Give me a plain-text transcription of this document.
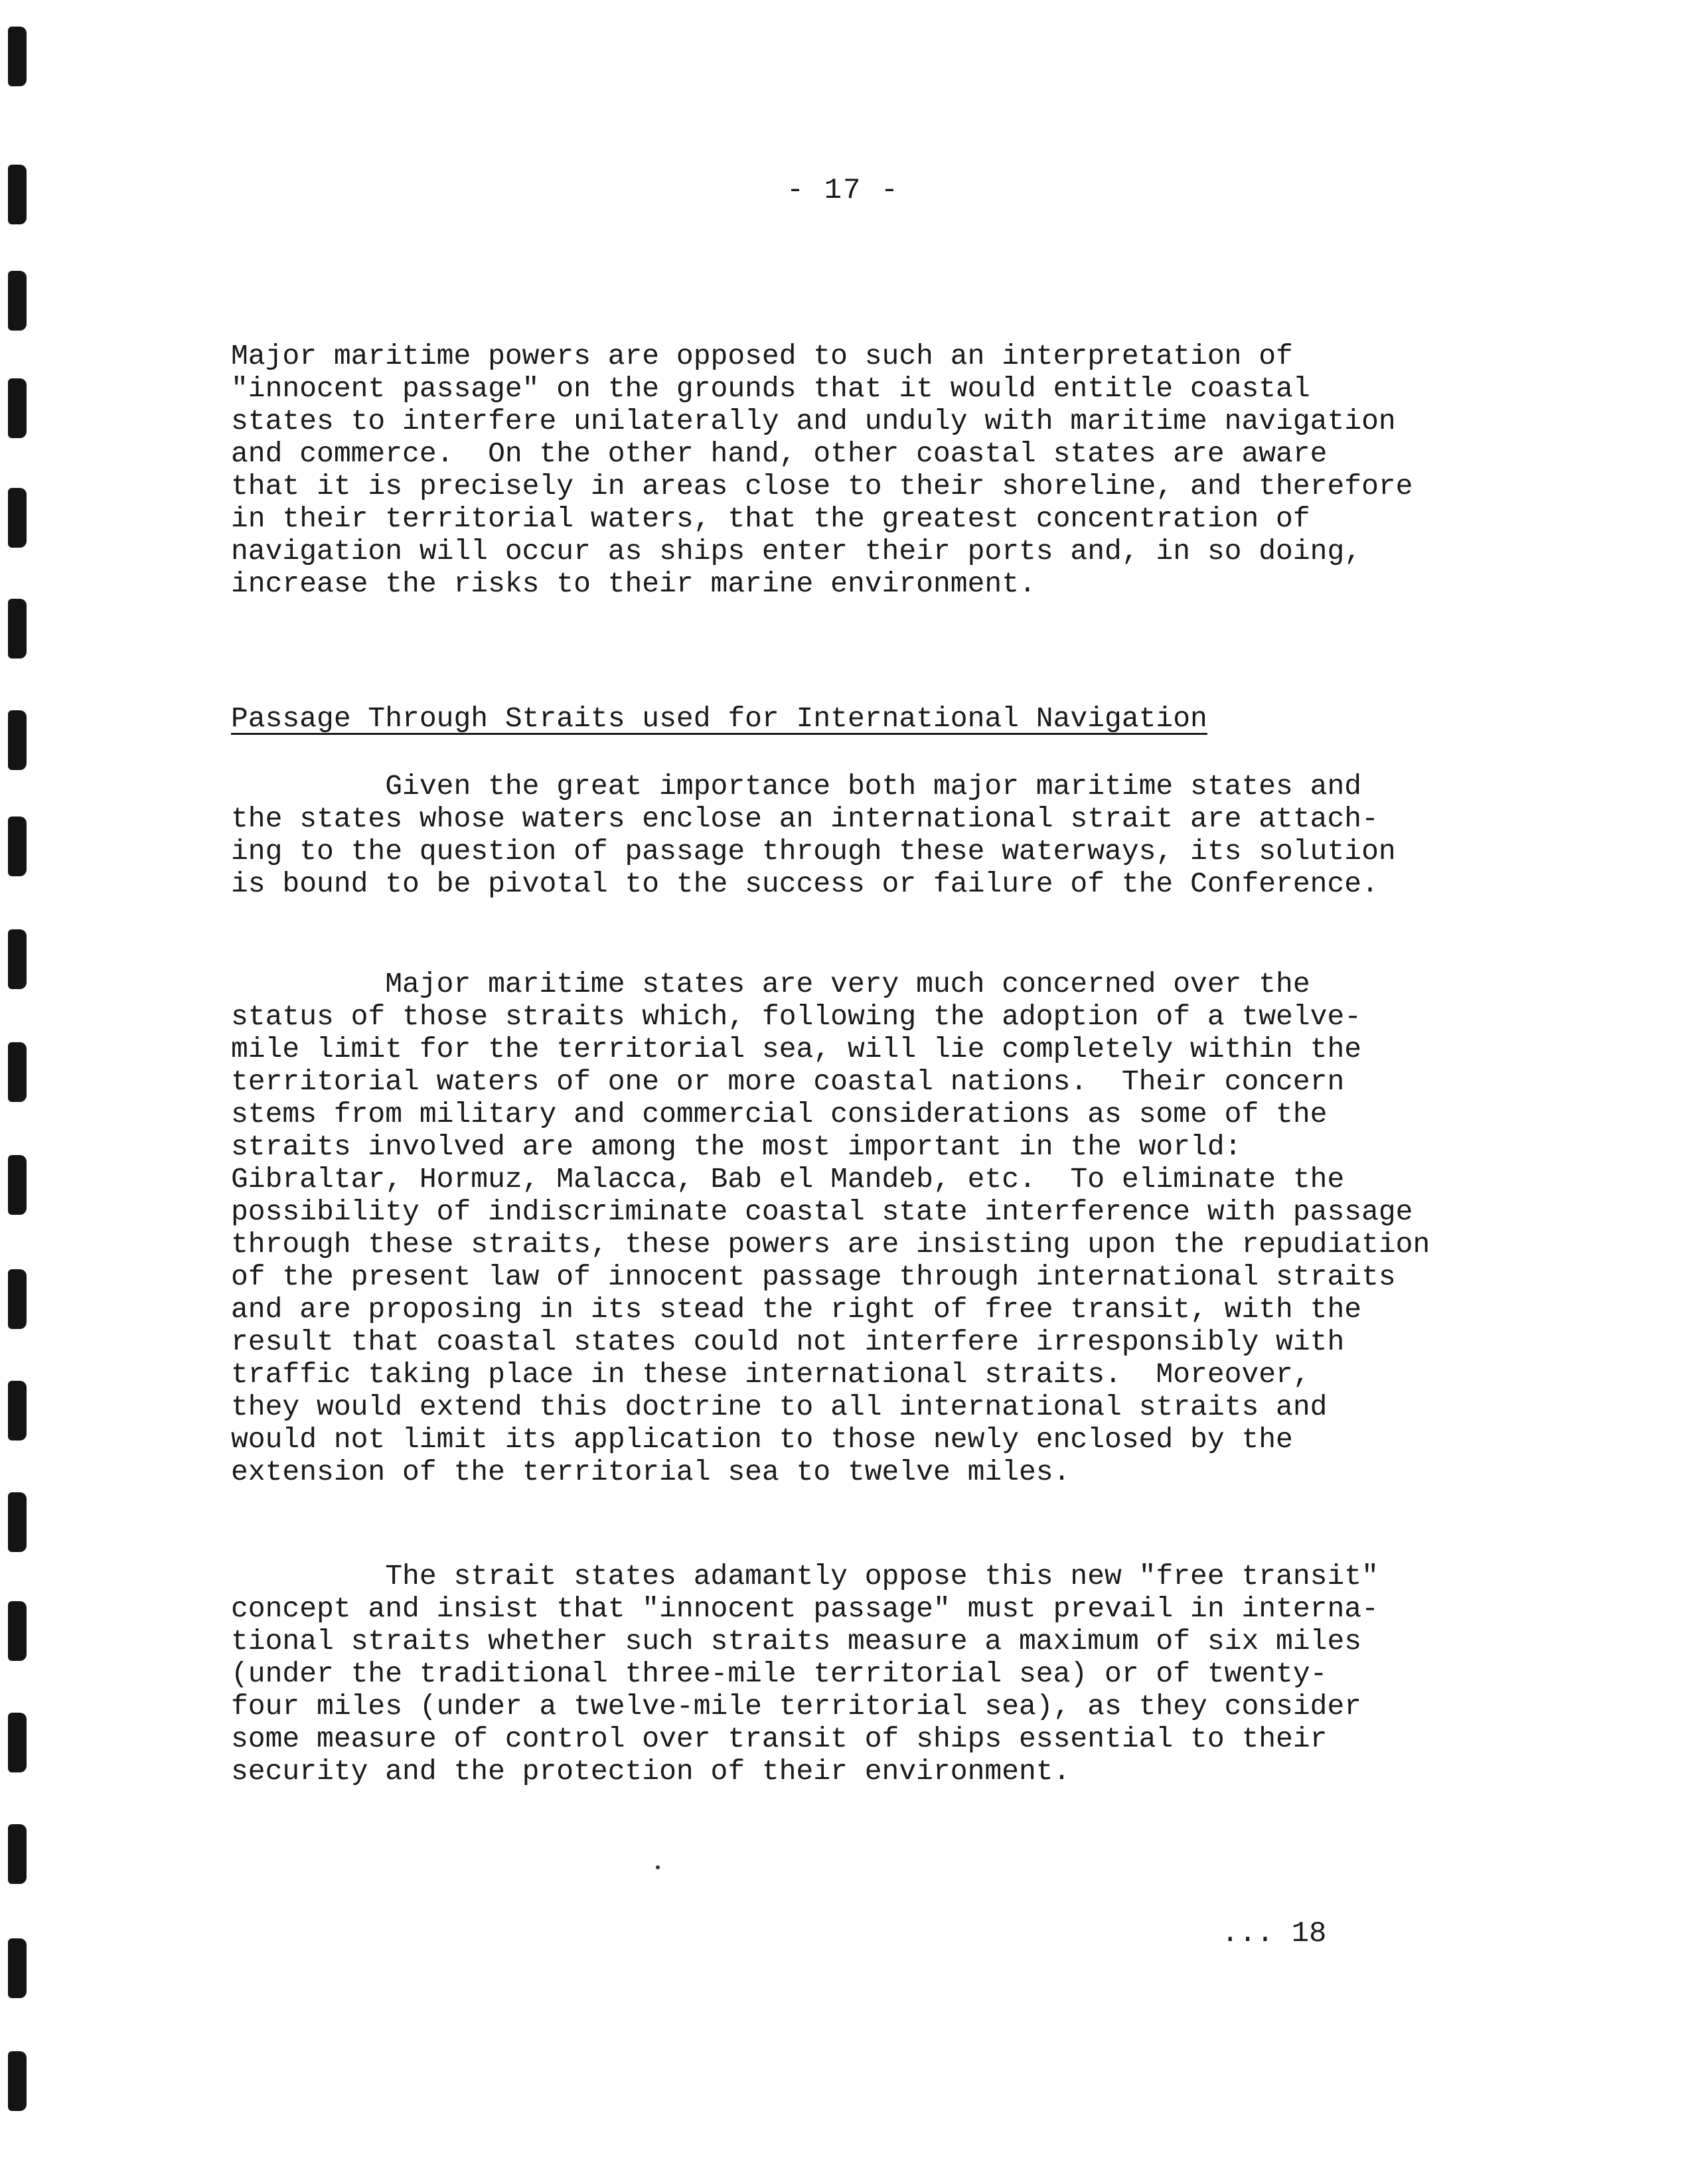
- 17 -
Major maritime powers are opposed to such an interpretation of
"innocent passage" on the grounds that it would entitle coastal
states to interfere unilaterally and unduly with maritime navigation
and commerce.  On the other hand, other coastal states are aware
that it is precisely in areas close to their shoreline, and therefore
in their territorial waters, that the greatest concentration of
navigation will occur as ships enter their ports and, in so doing,
increase the risks to their marine environment.
Passage Through Straits used for International Navigation
Given the great importance both major maritime states and
the states whose waters enclose an international strait are attach-
ing to the question of passage through these waterways, its solution
is bound to be pivotal to the success or failure of the Conference.
Major maritime states are very much concerned over the
status of those straits which, following the adoption of a twelve-
mile limit for the territorial sea, will lie completely within the
territorial waters of one or more coastal nations.  Their concern
stems from military and commercial considerations as some of the
straits involved are among the most important in the world:
Gibraltar, Hormuz, Malacca, Bab el Mandeb, etc.  To eliminate the
possibility of indiscriminate coastal state interference with passage
through these straits, these powers are insisting upon the repudiation
of the present law of innocent passage through international straits
and are proposing in its stead the right of free transit, with the
result that coastal states could not interfere irresponsibly with
traffic taking place in these international straits.  Moreover,
they would extend this doctrine to all international straits and
would not limit its application to those newly enclosed by the
extension of the territorial sea to twelve miles.
The strait states adamantly oppose this new "free transit"
concept and insist that "innocent passage" must prevail in interna-
tional straits whether such straits measure a maximum of six miles
(under the traditional three-mile territorial sea) or of twenty-
four miles (under a twelve-mile territorial sea), as they consider
some measure of control over transit of ships essential to their
security and the protection of their environment.
... 18
